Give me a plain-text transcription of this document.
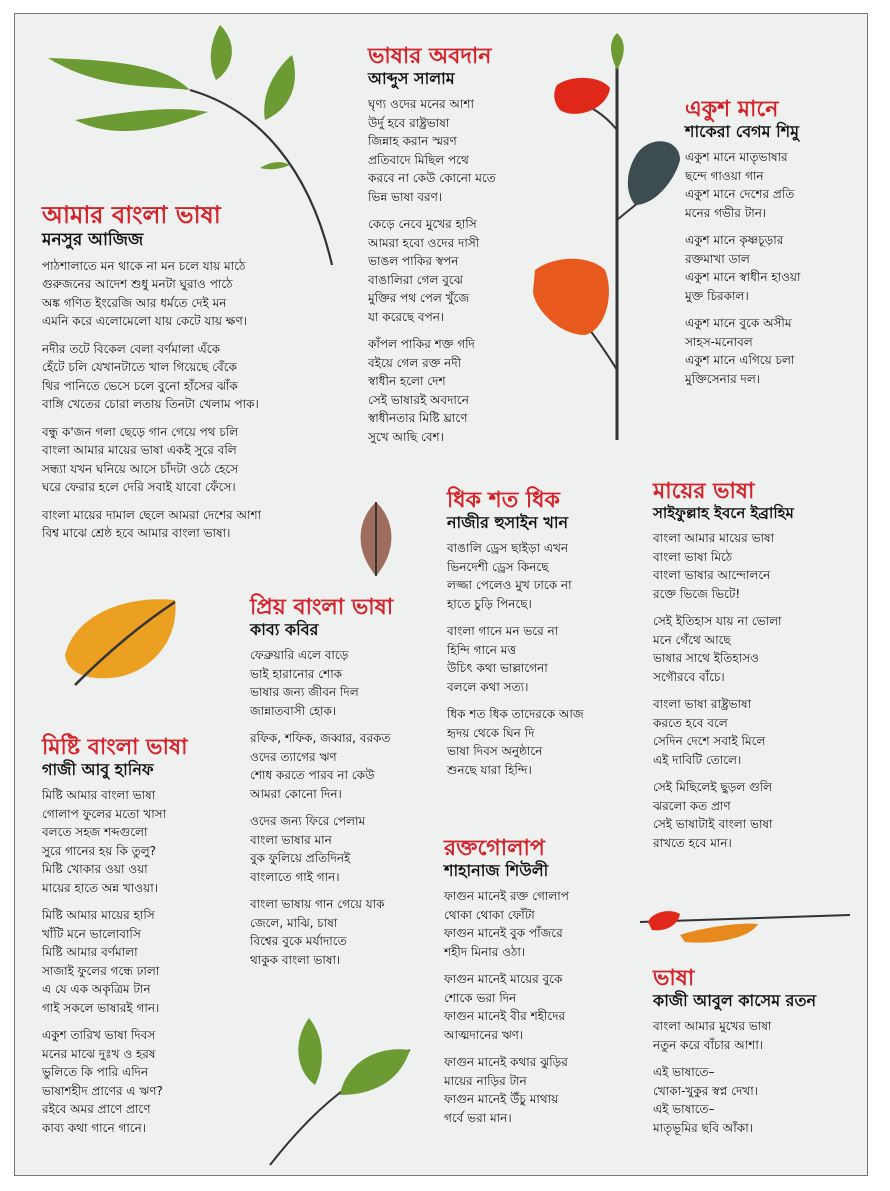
আমার বাংলা ভাষা
মনসুর আজিজ
পাঠশালাতে মন থাকে না মন চলে যায় মাঠে
গুরুজনের আদেশ শুধু মনটা ঘুরাও পাঠে
অঙ্ক গণিত ইংরেজি আর ধর্মতে দেই মন
এমনি করে এলোমেলো যায় কেটে যায় ক্ষণ।
নদীর তটে বিকেল বেলা বর্ণমালা এঁকে
হেঁটে চলি যেখানটাতে খাল গিয়েছে বেঁকে
থির পানিতে ভেসে চলে বুনো হাঁসের ঝাঁক
বাঙ্গি খেতের চোরা লতায় তিনটা খেলাম পাক।
বন্ধু ক'জন গলা ছেড়ে গান গেয়ে পথ চলি
বাংলা আমার মায়ের ভাষা একই সুরে বলি
সন্ধ্যা যখন ঘনিয়ে আসে চাঁদটা ওঠে হেসে
ঘরে ফেরার হলে দেরি সবাই যাবো ফেঁসে।
বাংলা মায়ের দামাল ছেলে আমরা দেশের আশা
বিশ্ব মাঝে শ্রেষ্ঠ হবে আমার বাংলা ভাষা।
ভাষার অবদান
আব্দুস সালাম
ঘৃণ্য ওদের মনের আশা
উর্দু হবে রাষ্ট্রভাষা
জিন্নাহ করান স্মরণ
প্রতিবাদে মিছিল পথে
করবে না কেউ কোনো মতে
ভিন্ন ভাষা বরণ।
কেড়ে নেবে মুখের হাসি
আমরা হবো ওদের দাসী
ভাঙল পাকির স্বপন
বাঙালিরা গেল বুঝে
মুক্তির পথ পেল খুঁজে
যা করেছে বপন।
কাঁপল পাকির শক্ত গদি
বইয়ে গেল রক্ত নদী
স্বাধীন হলো দেশ
সেই ভাষারই অবদানে
স্বাধীনতার মিষ্টি ঘ্রাণে
সুখে আছি বেশ।
একুশ মানে
শাকেরা বেগম শিমু
একুশ মানে মাতৃভাষার
ছন্দে গাওয়া গান
একুশ মানে দেশের প্রতি
মনের গভীর টান।
একুশ মানে কৃষ্ণচূড়ার
রক্তমাখা ডাল
একুশ মানে স্বাধীন হাওয়া
মুক্ত চিরকাল।
একুশ মানে বুকে অসীম
সাহস-মনোবল
একুশ মানে এগিয়ে চলা
মুক্তিসেনার দল।
ধিক শত ধিক
নাজীর হুসাইন খান
বাঙালি ড্রেস ছাইড়া এখন
ভিনদেশী ড্রেস কিনছে
লজ্জা পেলেও মুখ ঢাকে না
হাতে চুড়ি পিনছে।
বাংলা গানে মন ভরে না
হিন্দি গানে মত্ত
উচিৎ কথা ভাল্লাগেনা
বললে কথা সত্য।
ধিক শত ধিক তাদেরকে আজ
হৃদয় থেকে ঘিন দি
ভাষা দিবস অনুষ্ঠানে
শুনছে যারা হিন্দি।
মায়ের ভাষা
সাইফুল্লাহ ইবনে ইব্রাহিম
বাংলা আমার মায়ের ভাষা
বাংলা ভাষা মিঠে
বাংলা ভাষার আন্দোলনে
রক্তে ভিজে ভিটে!
সেই ইতিহাস যায় না ভোলা
মনে গেঁথে আছে
ভাষার সাথে ইতিহাসও
সগৌরবে বাঁচে।
বাংলা ভাষা রাষ্ট্রভাষা
করতে হবে বলে
সেদিন দেশে সবাই মিলে
এই দাবিটি তোলে।
সেই মিছিলেই ছুড়ল গুলি
ঝরলো কত প্রাণ
সেই ভাষাটাই বাংলা ভাষা
রাখতে হবে মান।
প্রিয় বাংলা ভাষা
কাব্য কবির
ফেব্রুয়ারি এলে বাড়ে
ভাই হারানোর শোক
ভাষার জন্য জীবন দিল
জান্নাতবাসী হোক।
রফিক, শফিক, জব্বার, বরকত
ওদের ত্যাগের ঋণ
শোধ করতে পারব না কেউ
আমরা কোনো দিন।
ওদের জন্য ফিরে পেলাম
বাংলা ভাষার মান
বুক ফুলিয়ে প্রতিদিনই
বাংলাতে গাই গান।
বাংলা ভাষায় গান গেয়ে যাক
জেলে, মাঝি, চাষা
বিশ্বের বুকে মর্যাদাতে
থাকুক বাংলা ভাষা।
মিষ্টি বাংলা ভাষা
গাজী আবু হানিফ
মিষ্টি আমার বাংলা ভাষা
গোলাপ ফুলের মতো খাসা
বলতে সহজ শব্দগুলো
সুরে গানের হয় কি তুলু?
মিষ্টি খোকার ওয়া ওয়া
মায়ের হাতে অন্ন খাওয়া।
মিষ্টি আমার মায়ের হাসি
খাঁটি মনে ভালোবাসি
মিষ্টি আমার বর্ণমালা
সাজাই ফুলের গন্ধে ঢালা
এ যে এক অকৃত্রিম টান
গাই সকলে ভাষারই গান।
একুশ তারিখ ভাষা দিবস
মনের মাঝে দুঃখ ও হরষ
ভুলিতে কি পারি এদিন
ভাষাশহীদ প্রাণের এ ঋণ?
রইবে অমর প্রাণে প্রাণে
কাব্য কথা গানে গানে।
রক্তগোলাপ
শাহানাজ শিউলী
ফাগুন মানেই রক্ত গোলাপ
থোকা থোকা ফোঁটা
ফাগুন মানেই বুক পাঁজরে
শহীদ মিনার ওঠা।
ফাগুন মানেই মায়ের বুকে
শোকে ভরা দিন
ফাগুন মানেই বীর শহীদের
আত্মদানের ঋণ।
ফাগুন মানেই কথার ঝুড়ির
মায়ের নাড়ির টান
ফাগুন মানেই উঁচু মাথায়
গর্বে ভরা মান।
ভাষা
কাজী আবুল কাসেম রতন
বাংলা আমার মুখের ভাষা
নতুন করে বাঁচার আশা।
এই ভাষাতে–
খোকা-খুকুর স্বপ্ন দেখা।
এই ভাষাতে–
মাতৃভূমির ছবি আঁকা।
